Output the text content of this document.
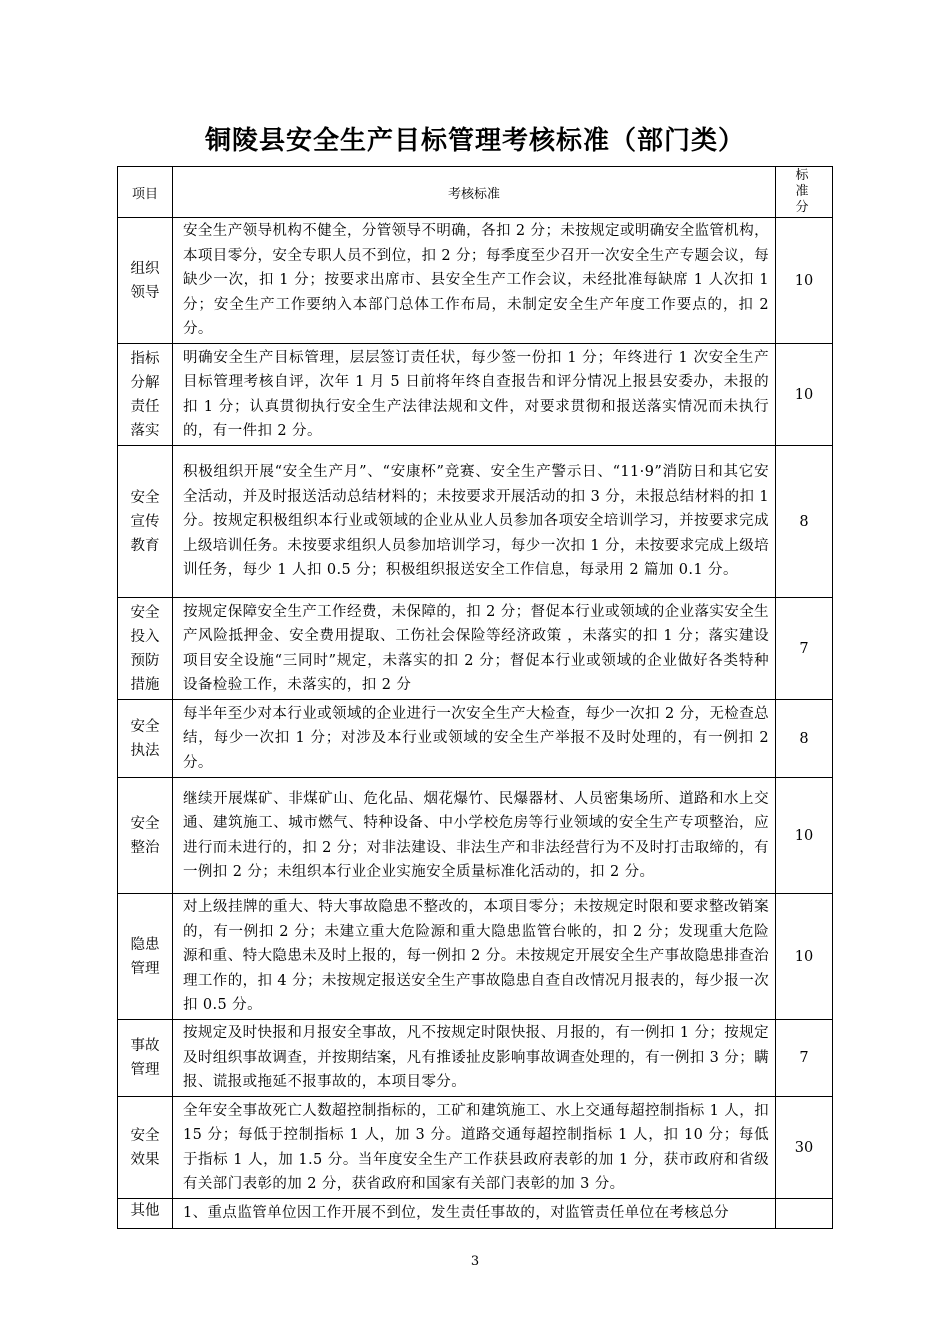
铜陵县安全生产目标管理考核标准（部门类）
项目	考核标准	标准分
组织领导	安全生产领导机构不健全，分管领导不明确，各扣 2 分；未按规定或明确安全监管机构，本项目零分，安全专职人员不到位，扣 2 分；每季度至少召开一次安全生产专题会议，每缺少一次，扣 1 分；按要求出席市、县安全生产工作会议，未经批准每缺席 1 人次扣 1 分；安全生产工作要纳入本部门总体工作布局，未制定安全生产年度工作要点的，扣 2 分。	10
指标分解责任落实	明确安全生产目标管理，层层签订责任状，每少签一份扣 1 分；年终进行 1 次安全生产目标管理考核自评，次年 1 月 5 日前将年终自查报告和评分情况上报县安委办，未报的扣 1 分；认真贯彻执行安全生产法律法规和文件，对要求贯彻和报送落实情况而未执行的，有一件扣 2 分。	10
安全宣传教育	积极组织开展“安全生产月”、“安康杯”竞赛、安全生产警示日、“11·9”消防日和其它安全活动，并及时报送活动总结材料的；未按要求开展活动的扣 3 分，未报总结材料的扣 1 分。按规定积极组织本行业或领域的企业从业人员参加各项安全培训学习，并按要求完成上级培训任务。未按要求组织人员参加培训学习，每少一次扣 1 分，未按要求完成上级培训任务，每少 1 人扣 0.5 分；积极组织报送安全工作信息，每录用 2 篇加 0.1 分。	8
安全投入预防措施	按规定保障安全生产工作经费，未保障的，扣 2 分；督促本行业或领域的企业落实安全生产风险抵押金、安全费用提取、工伤社会保险等经济政策 ，未落实的扣 1 分；落实建设项目安全设施“三同时”规定，未落实的扣 2 分；督促本行业或领域的企业做好各类特种设备检验工作，未落实的，扣 2 分	7
安全执法	每半年至少对本行业或领域的企业进行一次安全生产大检查，每少一次扣 2 分，无检查总结，每少一次扣 1 分；对涉及本行业或领域的安全生产举报不及时处理的，有一例扣 2 分。	8
安全整治	继续开展煤矿、非煤矿山、危化品、烟花爆竹、民爆器材、人员密集场所、道路和水上交通、建筑施工、城市燃气、特种设备、中小学校危房等行业领域的安全生产专项整治，应进行而未进行的，扣 2 分；对非法建设、非法生产和非法经营行为不及时打击取缔的，有一例扣 2 分；未组织本行业企业实施安全质量标准化活动的，扣 2 分。	10
隐患管理	对上级挂牌的重大、特大事故隐患不整改的，本项目零分；未按规定时限和要求整改销案的，有一例扣 2 分；未建立重大危险源和重大隐患监管台帐的，扣 2 分；发现重大危险源和重、特大隐患未及时上报的，每一例扣 2 分。未按规定开展安全生产事故隐患排查治理工作的，扣 4 分；未按规定报送安全生产事故隐患自查自改情况月报表的，每少报一次扣 0.5 分。	10
事故管理	按规定及时快报和月报安全事故，凡不按规定时限快报、月报的，有一例扣 1 分；按规定及时组织事故调查，并按期结案，凡有推诿扯皮影响事故调查处理的，有一例扣 3 分；瞒报、谎报或拖延不报事故的，本项目零分。	7
安全效果	全年安全事故死亡人数超控制指标的，工矿和建筑施工、水上交通每超控制指标 1 人，扣 15 分；每低于控制指标 1 人，加 3 分。道路交通每超控制指标 1 人，扣 10 分；每低于指标 1 人，加 1.5 分。当年度安全生产工作获县政府表彰的加 1 分，获市政府和省级有关部门表彰的加 2 分，获省政府和国家有关部门表彰的加 3 分。	30
其他	1、重点监管单位因工作开展不到位，发生责任事故的，对监管责任单位在考核总分	
3
